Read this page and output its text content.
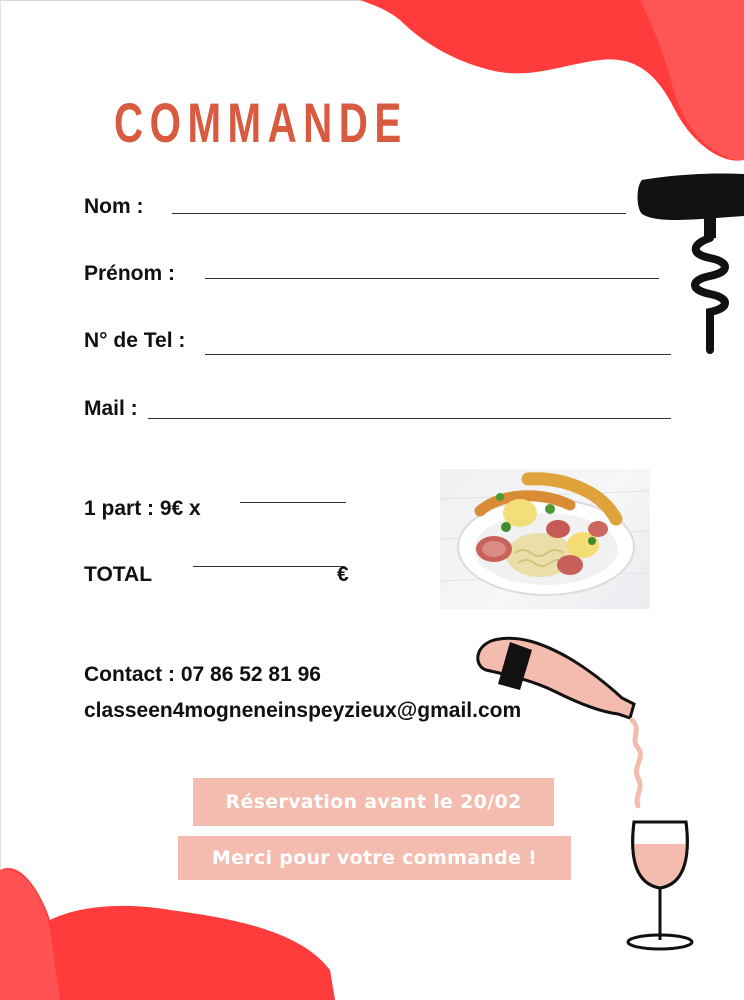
COMMANDE
Nom :
Prénom :
N° de Tel :
Mail :
1 part : 9€ x
TOTAL	€
Contact : 07 86 52 81 96
classeen4mogneneinspeyzieux@gmail.com
Réservation avant le 20/02
Merci pour votre commande !
